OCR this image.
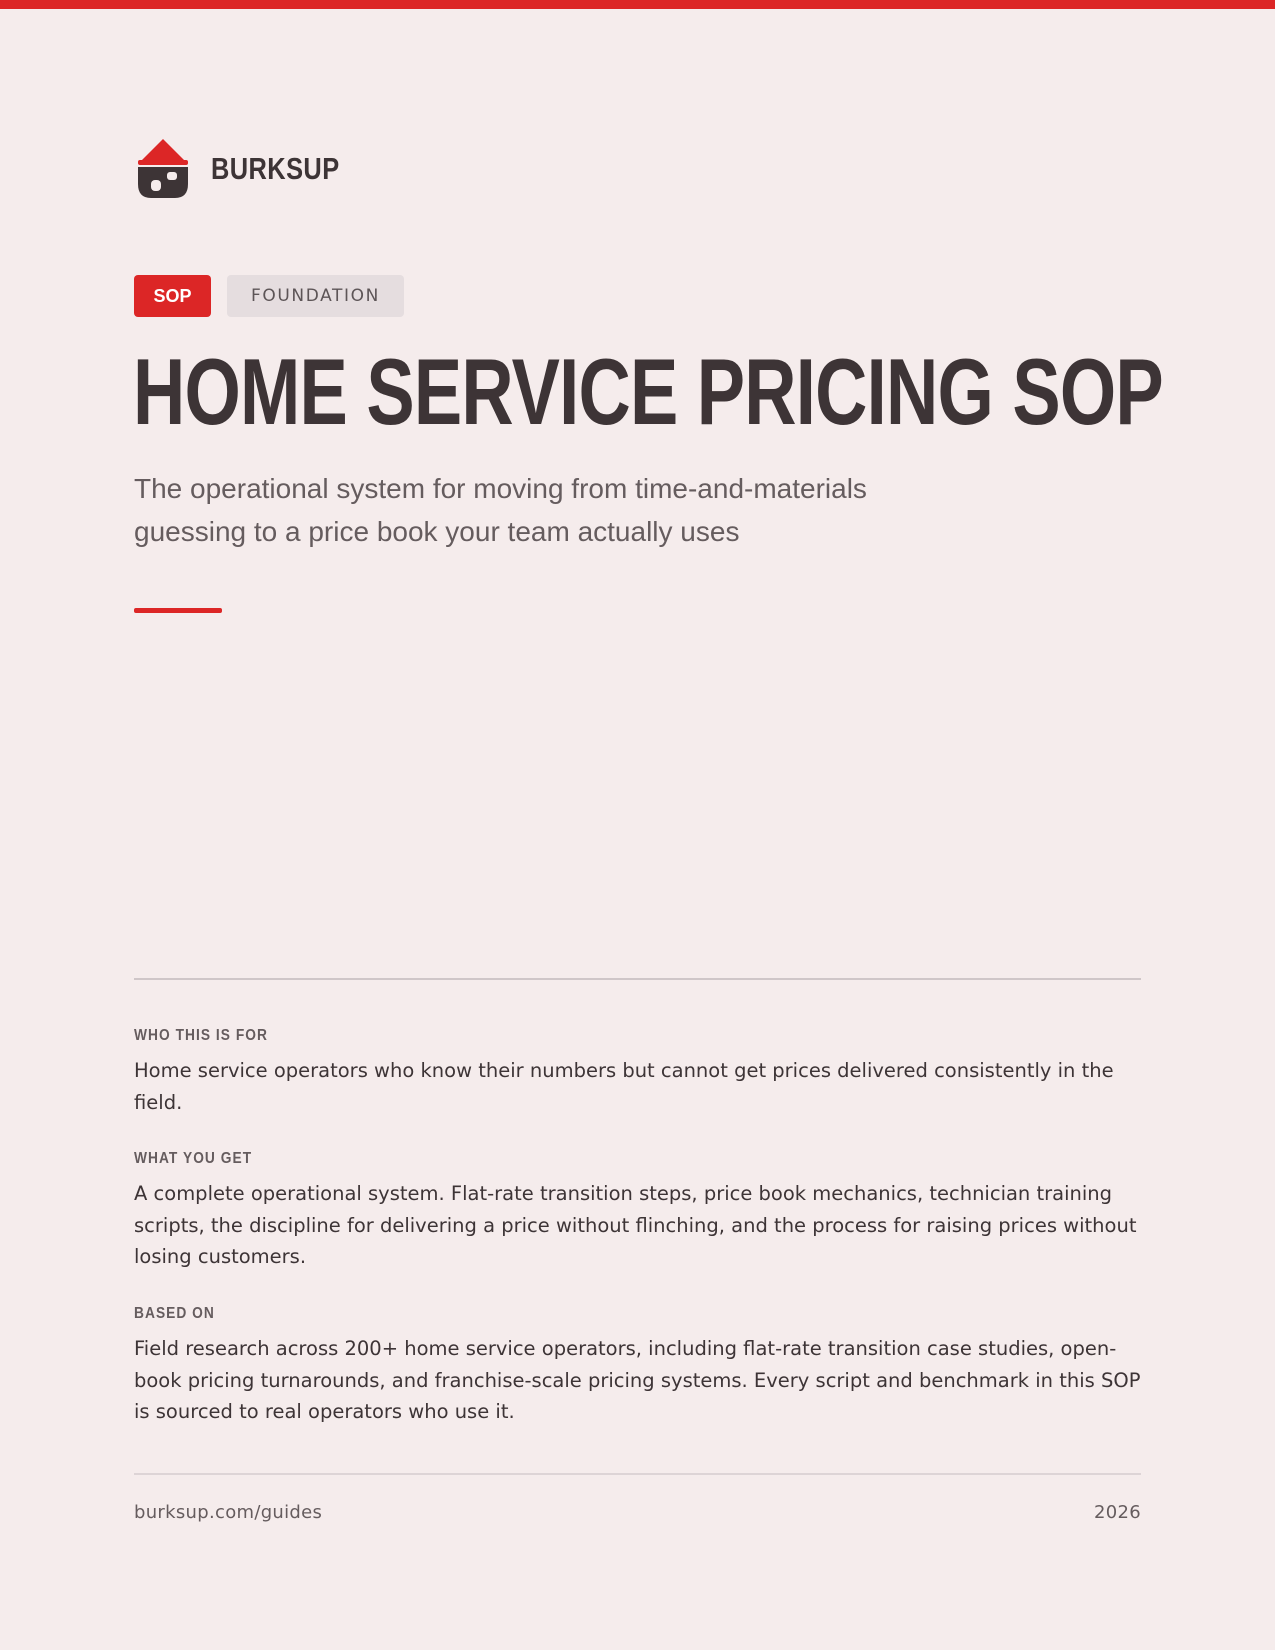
BURKSUP
SOP	FOUNDATION
HOME SERVICE PRICING SOP

The operational system for moving from time-and-materials guessing to a price book your team actually uses

WHO THIS IS FOR

Home service operators who know their numbers but cannot get prices delivered consistently in the field.

WHAT YOU GET

A complete operational system. Flat-rate transition steps, price book mechanics, technician training scripts, the discipline for delivering a price without flinching, and the process for raising prices without losing customers.

BASED ON

Field research across 200+ home service operators, including flat-rate transition case studies, open-book pricing turnarounds, and franchise-scale pricing systems. Every script and benchmark in this SOP is sourced to real operators who use it.

burksup.com/guides	2026
